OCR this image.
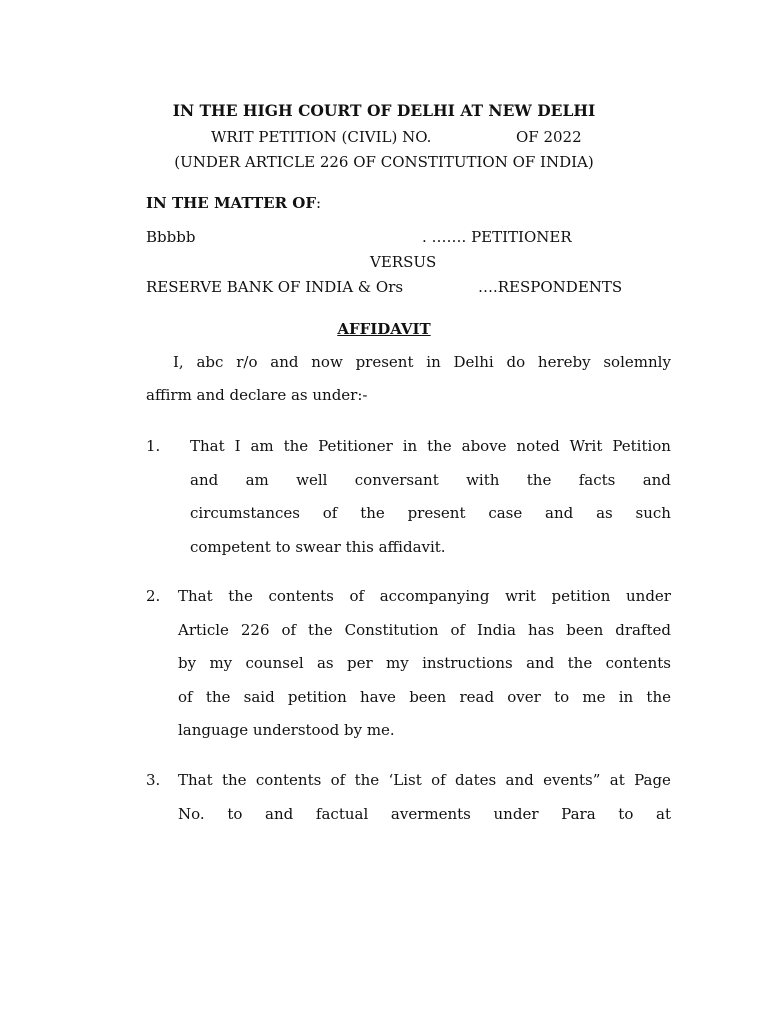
IN THE HIGH COURT OF DELHI AT NEW DELHI
WRIT PETITION (CIVIL) NO.	OF 2022
(UNDER ARTICLE 226 OF CONSTITUTION OF INDIA)
IN THE MATTER OF:
Bbbbb	. ……. PETITIONER
VERSUS
RESERVE BANK OF INDIA & Ors	….RESPONDENTS
AFFIDAVIT
I, abc r/o and now present in Delhi do hereby solemnly
affirm and declare as under:-
1. That I am the Petitioner in the above noted Writ Petition
and am well conversant with the facts and
circumstances of the present case and as such
competent to swear this affidavit.
2. That the contents of accompanying writ petition under
Article 226 of the Constitution of India has been drafted
by my counsel as per my instructions and the contents
of the said petition have been read over to me in the
language understood by me.
3. That the contents of the ‘List of dates and events” at Page
No. to and factual averments under Para to at
